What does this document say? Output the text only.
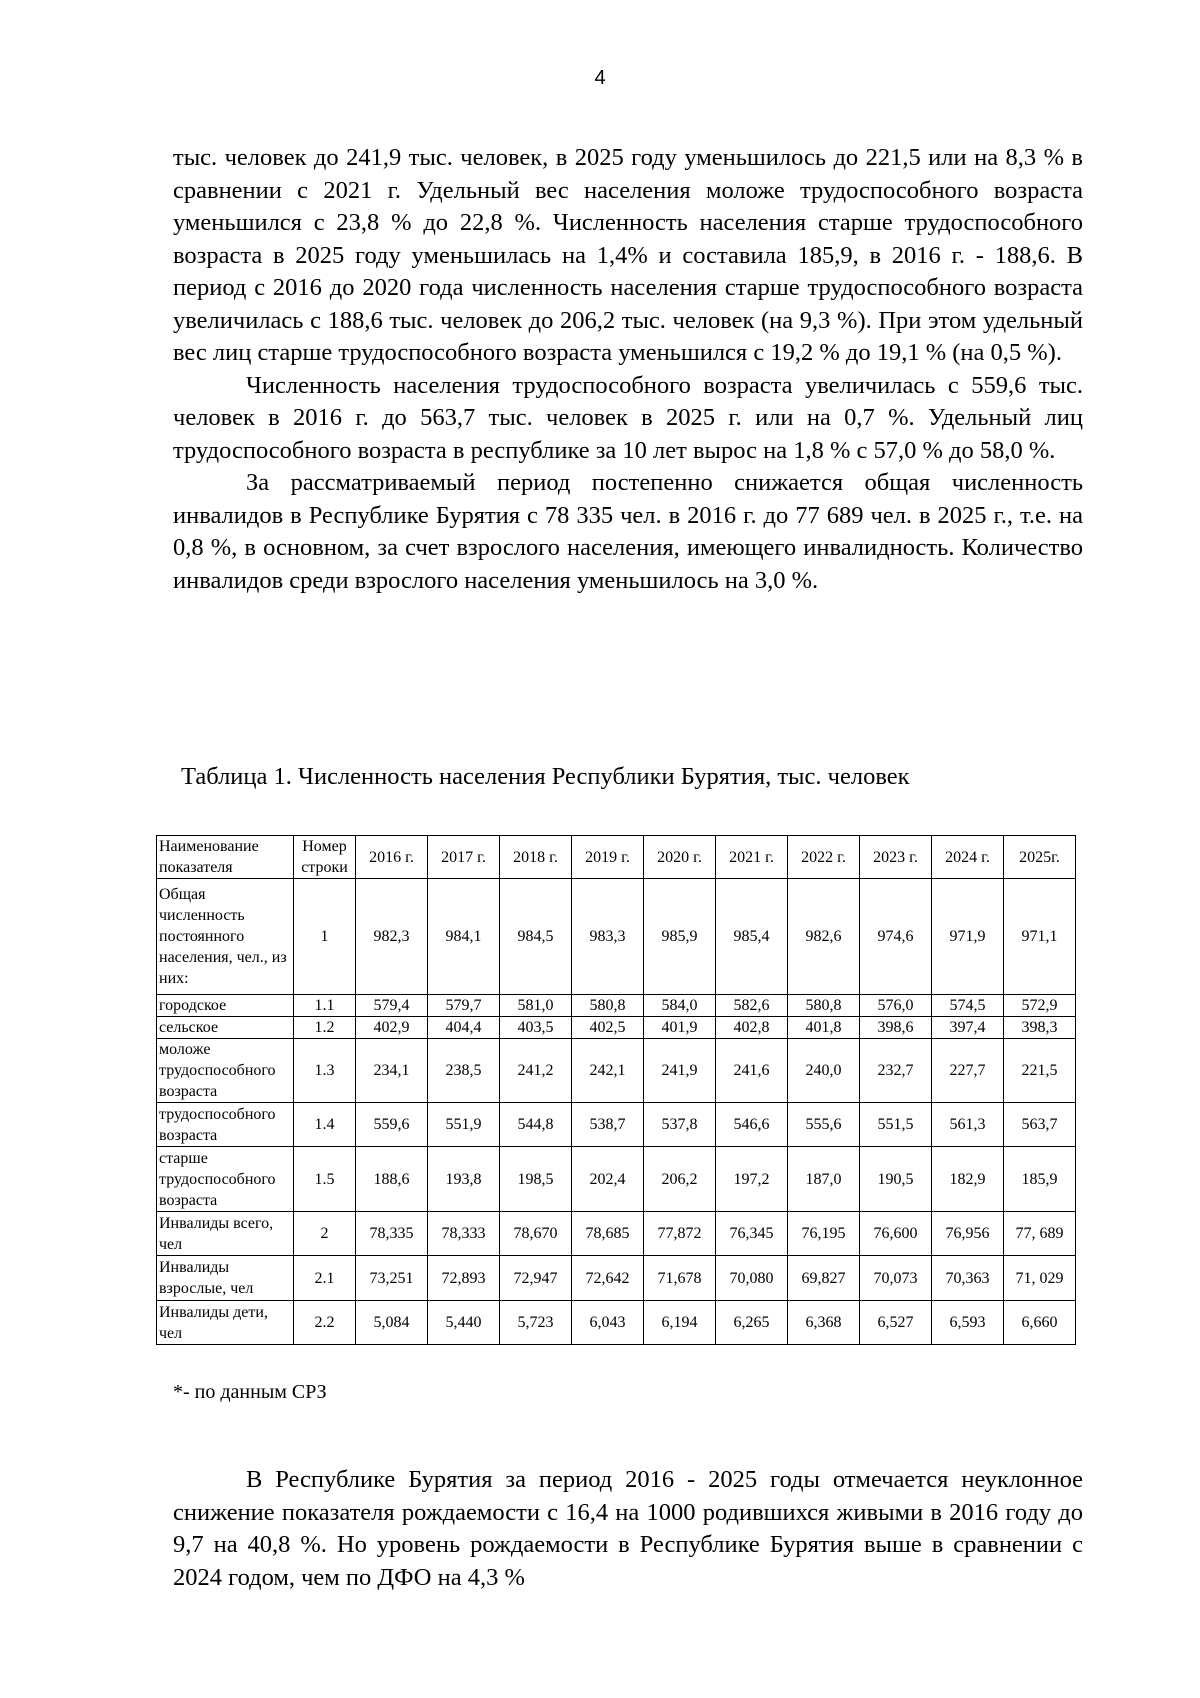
4

тыс. человек до 241,9 тыс. человек, в 2025 году уменьшилось до 221,5 или на 8,3 % в сравнении с 2021 г. Удельный вес населения моложе трудоспособного возраста уменьшился с 23,8 % до 22,8 %. Численность населения старше трудоспособного возраста в 2025 году уменьшилась на 1,4% и составила 185,9, в 2016 г. - 188,6. В период с 2016 до 2020 года численность населения старше трудоспособного возраста увеличилась с 188,6 тыс. человек до 206,2 тыс. человек (на 9,3 %). При этом удельный вес лиц старше трудоспособного возраста уменьшился с 19,2 % до 19,1 % (на 0,5 %).

Численность населения трудоспособного возраста увеличилась с 559,6 тыс. человек в 2016 г. до 563,7 тыс. человек в 2025 г. или на 0,7 %. Удельный лиц трудоспособного возраста в республике за 10 лет вырос на 1,8 % с 57,0 % до 58,0 %.

За рассматриваемый период постепенно снижается общая численность инвалидов в Республике Бурятия с 78 335 чел. в 2016 г. до 77 689 чел. в 2025 г., т.е. на 0,8 %, в основном, за счет взрослого населения, имеющего инвалидность. Количество инвалидов среди взрослого населения уменьшилось на 3,0 %.

Таблица 1. Численность населения Республики Бурятия, тыс. человек
Наименование показателя	Номер строки	2016 г.	2017 г.	2018 г.	2019 г.	2020 г.	2021 г.	2022 г.	2023 г.	2024 г.	2025г.
Общая численность постоянного населения, чел., из них:	1	982,3	984,1	984,5	983,3	985,9	985,4	982,6	974,6	971,9	971,1
городское	1.1	579,4	579,7	581,0	580,8	584,0	582,6	580,8	576,0	574,5	572,9
сельское	1.2	402,9	404,4	403,5	402,5	401,9	402,8	401,8	398,6	397,4	398,3
моложе трудоспособного возраста	1.3	234,1	238,5	241,2	242,1	241,9	241,6	240,0	232,7	227,7	221,5
трудоспособного возраста	1.4	559,6	551,9	544,8	538,7	537,8	546,6	555,6	551,5	561,3	563,7
старше трудоспособного возраста	1.5	188,6	193,8	198,5	202,4	206,2	197,2	187,0	190,5	182,9	185,9
Инвалиды всего, чел	2	78,335	78,333	78,670	78,685	77,872	76,345	76,195	76,600	76,956	77, 689
Инвалиды взрослые, чел	2.1	73,251	72,893	72,947	72,642	71,678	70,080	69,827	70,073	70,363	71, 029
Инвалиды дети, чел	2.2	5,084	5,440	5,723	6,043	6,194	6,265	6,368	6,527	6,593	6,660
*- по данным СРЗ
В Республике Бурятия за период 2016 - 2025 годы отмечается неуклонное снижение показателя рождаемости с 16,4 на 1000 родившихся живыми в 2016 году до 9,7 на 40,8 %. Но уровень рождаемости в Республике Бурятия выше в сравнении с 2024 годом, чем по ДФО на 4,3 %
